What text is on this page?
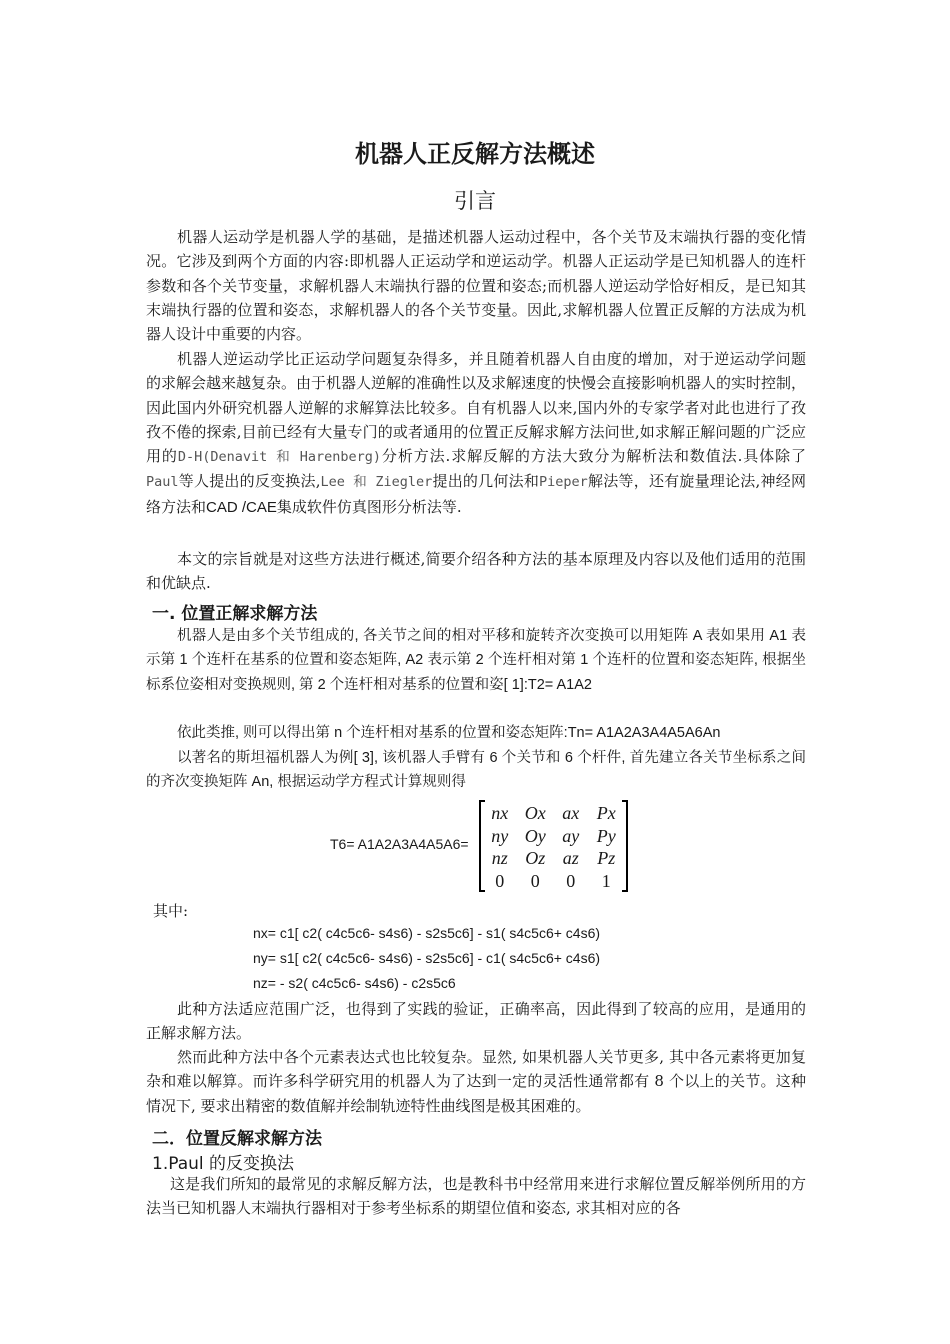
机器人正反解方法概述
引言
机器人运动学是机器人学的基础，是描述机器人运动过程中，各个关节及末端执行器的变化情况。它涉及到两个方面的内容:即机器人正运动学和逆运动学。机器人正运动学是已知机器人的连杆参数和各个关节变量，求解机器人末端执行器的位置和姿态;而机器人逆运动学恰好相反，是已知其末端执行器的位置和姿态，求解机器人的各个关节变量。因此,求解机器人位置正反解的方法成为机器人设计中重要的内容。
机器人逆运动学比正运动学问题复杂得多，并且随着机器人自由度的增加，对于逆运动学问题的求解会越来越复杂。由于机器人逆解的准确性以及求解速度的快慢会直接影响机器人的实时控制，因此国内外研究机器人逆解的求解算法比较多。自有机器人以来,国内外的专家学者对此也进行了孜孜不倦的探索,目前已经有大量专门的或者通用的位置正反解求解方法问世,如求解正解问题的广泛应用的D-H(Denavit 和 Harenberg)分析方法.求解反解的方法大致分为解析法和数值法.具体除了Paul等人提出的反变换法,Lee 和 Ziegler提出的几何法和Pieper解法等，还有旋量理论法,神经网络方法和CAD /CAE集成软件仿真图形分析法等.
本文的宗旨就是对这些方法进行概述,简要介绍各种方法的基本原理及内容以及他们适用的范围和优缺点.
一. 位置正解求解方法
机器人是由多个关节组成的, 各关节之间的相对平移和旋转齐次变换可以用矩阵 A 表如果用 A1 表示第 1 个连杆在基系的位置和姿态矩阵, A2 表示第 2 个连杆相对第 1 个连杆的位置和姿态矩阵, 根据坐标系位姿相对变换规则, 第 2 个连杆相对基系的位置和姿[ 1]:T2= A1A2
依此类推, 则可以得出第 n 个连杆相对基系的位置和姿态矩阵:Tn= A1A2A3A4A5A6An
以著名的斯坦福机器人为例[ 3], 该机器人手臂有 6 个关节和 6 个杆件, 首先建立各关节坐标系之间的齐次变换矩阵 An, 根据运动学方程式计算规则得
T6= A1A2A3A4A5A6=
nx Ox ax Px
ny Oy ay Py
nz Oz az	Pz
0	0	0	1
其中:
nx= c1[ c2( c4c5c6- s4s6) - s2s5c6] - s1( s4c5c6+ c4s6)
ny= s1[ c2( c4c5c6- s4s6) - s2s5c6] - c1( s4c5c6+ c4s6)
nz= - s2( c4c5c6- s4s6) - c2s5c6
此种方法适应范围广泛，也得到了实践的验证，正确率高，因此得到了较高的应用，是通用的正解求解方法。
然而此种方法中各个元素表达式也比较复杂。显然, 如果机器人关节更多, 其中各元素将更加复杂和难以解算。而许多科学研究用的机器人为了达到一定的灵活性通常都有 8 个以上的关节。这种情况下, 要求出精密的数值解并绘制轨迹特性曲线图是极其困难的。
二．位置反解求解方法
1.Paul 的反变换法
这是我们所知的最常见的求解反解方法，也是教科书中经常用来进行求解位置反解举例所用的方法当已知机器人末端执行器相对于参考坐标系的期望位值和姿态, 求其相对应的各
